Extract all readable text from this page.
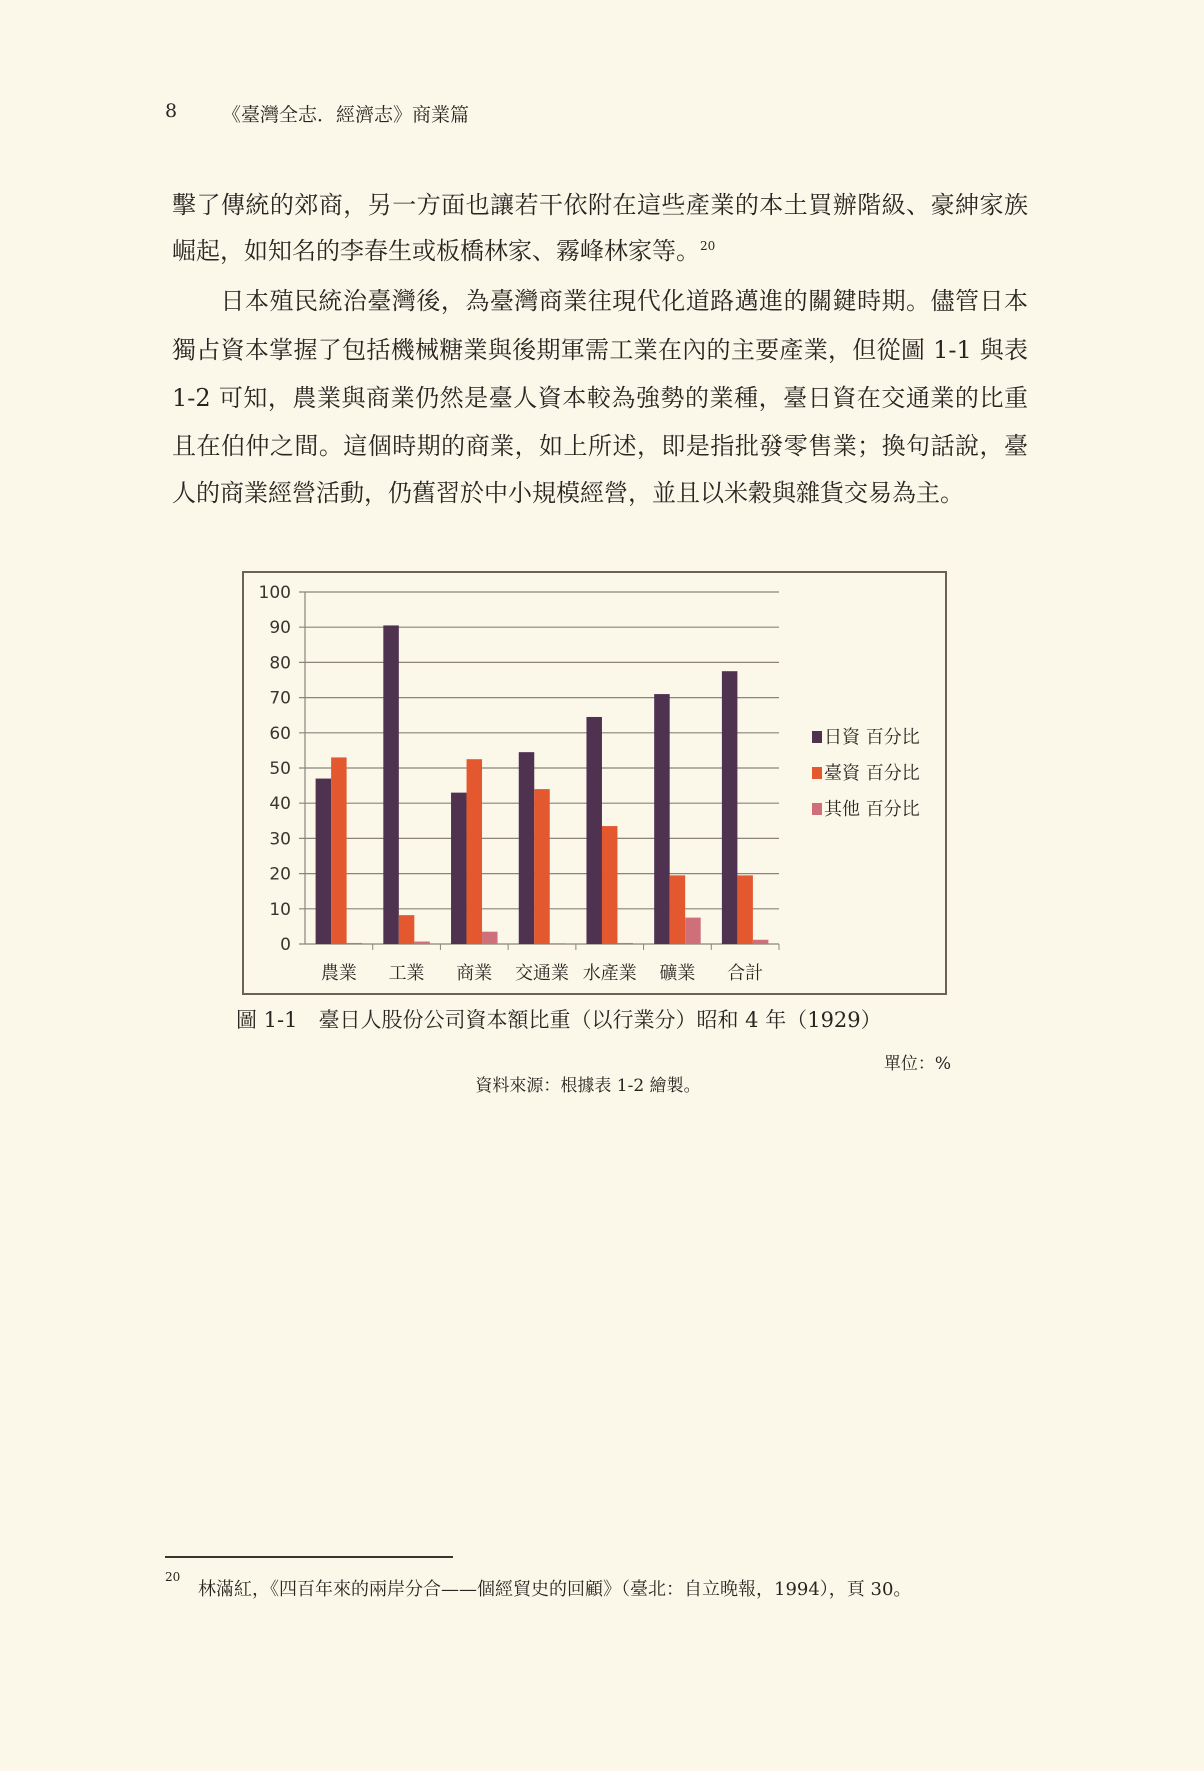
8 《臺灣全志．經濟志》商業篇
擊了傳統的郊商，另一方面也讓若干依附在這些產業的本土買辦階級、豪紳家族
崛起，如知名的李春生或板橋林家、霧峰林家等。$^{20}$
日本殖民統治臺灣後，為臺灣商業往現代化道路邁進的關鍵時期。儘管日本
獨占資本掌握了包括機械糖業與後期軍需工業在內的主要產業，但從圖 1-1 與表
1-2 可知，農業與商業仍然是臺人資本較為強勢的業種，臺日資在交通業的比重
且在伯仲之間。這個時期的商業，如上所述，即是指批發零售業；換句話說，臺
人的商業經營活動，仍舊習於中小規模經營，並且以米穀與雜貨交易為主。
0
10
20
30
40
50
60
70
80
90
100
農業 工業 商業 交通業 水產業 礦業 合計
日資 百分比
臺資 百分比
其他 百分比
圖 1-1　臺日人股份公司資本額比重（以行業分）昭和 4 年（1929）
單位：%
資料來源：根據表 1-2 繪製。
20
林滿紅，《四百年來的兩岸分合——個經貿史的回顧》（臺北：自立晚報，1994），頁 30。
